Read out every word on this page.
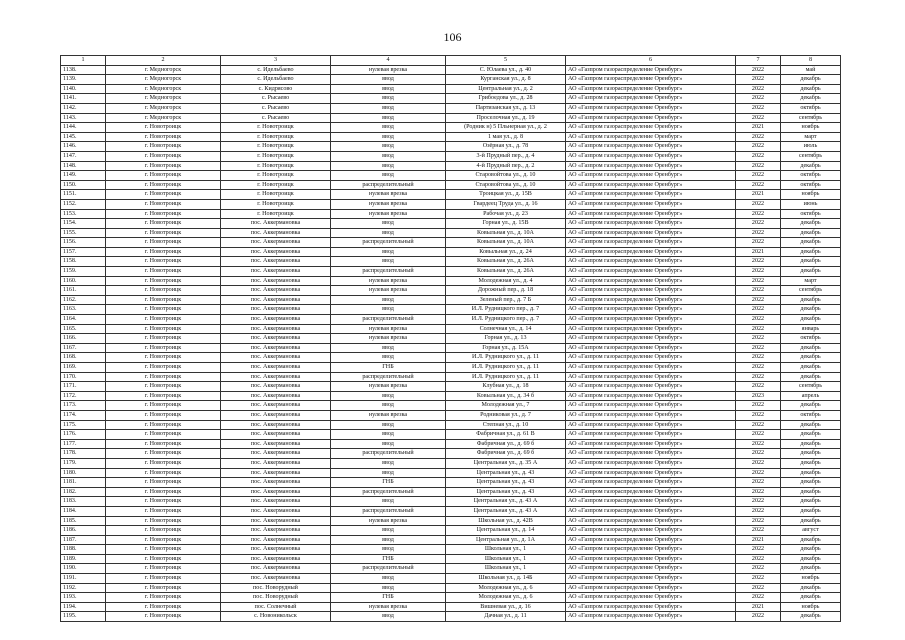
106
1	2	3	4	5	6	7	8
1138.	г. Медногорск	с. Идельбаево	нулевая врезка	С. Юлаева ул., д. 40	АО «Газпром газораспределение Оренбург»	2022	май
1139.	г. Медногорск	с. Идельбаево	ввод	Курганская ул., д. 8	АО «Газпром газораспределение Оренбург»	2022	декабрь
1140.	г. Медногорск	с. Кидрясово	ввод	Центральная ул., д. 2	АО «Газпром газораспределение Оренбург»	2022	декабрь
1141.	г. Медногорск	с. Рысаево	ввод	Грибоедова ул., д. 28	АО «Газпром газораспределение Оренбург»	2022	декабрь
1142.	г. Медногорск	с. Рысаево	ввод	Партизанская ул., д. 13	АО «Газпром газораспределение Оренбург»	2022	октябрь
1143.	г. Медногорск	с. Рысаево	ввод	Проселочная ул., д. 19	АО «Газпром газораспределение Оренбург»	2022	сентябрь
1144.	г. Новотроицк	г. Новотроицк	ввод	(Родник н) 5 Пльнерная ул., д. 2	АО «Газпром газораспределение Оренбург»	2021	ноябрь
1145.	г. Новотроицк	г. Новотроицк	ввод	1 мая ул., д. 8	АО «Газпром газораспределение Оренбург»	2022	март
1146.	г. Новотроицк	г. Новотроицк	ввод	Озёрная ул., д. 78	АО «Газпром газораспределение Оренбург»	2022	июль
1147.	г. Новотроицк	г. Новотроицк	ввод	3-й Прудный пер., д. 4	АО «Газпром газораспределение Оренбург»	2022	сентябрь
1148.	г. Новотроицк	г. Новотроицк	ввод	4-й Прудный пер., д. 2	АО «Газпром газораспределение Оренбург»	2022	декабрь
1149.	г. Новотроицк	г. Новотроицк	ввод	Старовойтова ул., д. 10	АО «Газпром газораспределение Оренбург»	2022	октябрь
1150.	г. Новотроицк	г. Новотроицк	распределительный	Старовойтова ул., д. 10	АО «Газпром газораспределение Оренбург»	2022	октябрь
1151.	г. Новотроицк	г. Новотроицк	нулевая врезка	Троицкая ул., д. 15В	АО «Газпром газораспределение Оренбург»	2021	ноябрь
1152.	г. Новотроицк	г. Новотроицк	нулевая врезка	Гвардеец Труда ул., д. 16	АО «Газпром газораспределение Оренбург»	2022	июнь
1153.	г. Новотроицк	г. Новотроицк	нулевая врезка	Рабочая ул., д. 23	АО «Газпром газораспределение Оренбург»	2022	октябрь
1154.	г. Новотроицк	пос. Аккермановка	ввод	Горная ул., д. 15В	АО «Газпром газораспределение Оренбург»	2022	декабрь
1155.	г. Новотроицк	пос. Аккермановка	ввод	Ковыльная ул., д. 10А	АО «Газпром газораспределение Оренбург»	2022	декабрь
1156.	г. Новотроицк	пос. Аккермановка	распределительный	Ковыльная ул., д. 10А	АО «Газпром газораспределение Оренбург»	2022	декабрь
1157.	г. Новотроицк	пос. Аккермановка	ввод	Ковыльная ул., д. 24	АО «Газпром газораспределение Оренбург»	2021	декабрь
1158.	г. Новотроицк	пос. Аккермановка	ввод	Ковыльная ул., д. 26А	АО «Газпром газораспределение Оренбург»	2022	декабрь
1159.	г. Новотроицк	пос. Аккермановка	распределительный	Ковыльная ул., д. 26А	АО «Газпром газораспределение Оренбург»	2022	декабрь
1160.	г. Новотроицк	пос. Аккермановка	нулевая врезка	Молодежная ул., д. 4	АО «Газпром газораспределение Оренбург»	2022	март
1161.	г. Новотроицк	пос. Аккермановка	нулевая врезка	Дорожный пер., д. 18	АО «Газпром газораспределение Оренбург»	2022	сентябрь
1162.	г. Новотроицк	пос. Аккермановка	ввод	Зеленый пер., д. 7 Б	АО «Газпром газораспределение Оренбург»	2022	декабрь
1163.	г. Новотроицк	пос. Аккермановка	ввод	И.Л. Рудницкого пер., д. 7	АО «Газпром газораспределение Оренбург»	2022	декабрь
1164.	г. Новотроицк	пос. Аккермановка	распределительный	И.Л. Рудницкого пер., д. 7	АО «Газпром газораспределение Оренбург»	2022	декабрь
1165.	г. Новотроицк	пос. Аккермановка	нулевая врезка	Солнечная ул., д. 14	АО «Газпром газораспределение Оренбург»	2022	январь
1166.	г. Новотроицк	пос. Аккермановка	нулевая врезка	Горная ул., д. 13	АО «Газпром газораспределение Оренбург»	2022	октябрь
1167.	г. Новотроицк	пос. Аккермановка	ввод	Горная ул., д. 15А	АО «Газпром газораспределение Оренбург»	2022	декабрь
1168.	г. Новотроицк	пос. Аккермановка	ввод	И.Л. Рудницкого ул., д. 11	АО «Газпром газораспределение Оренбург»	2022	декабрь
1169.	г. Новотроицк	пос. Аккермановка	ГНБ	И.Л. Рудницкого ул., д. 11	АО «Газпром газораспределение Оренбург»	2022	декабрь
1170.	г. Новотроицк	пос. Аккермановка	распределительный	И.Л. Рудницкого ул., д. 11	АО «Газпром газораспределение Оренбург»	2022	декабрь
1171.	г. Новотроицк	пос. Аккермановка	нулевая врезка	Клубная ул., д. 18	АО «Газпром газораспределение Оренбург»	2022	сентябрь
1172.	г. Новотроицк	пос. Аккермановка	ввод	Ковыльная ул., д. 34 б	АО «Газпром газораспределение Оренбург»	2023	апрель
1173.	г. Новотроицк	пос. Аккермановка	ввод	Молодежная ул., 7	АО «Газпром газораспределение Оренбург»	2022	декабрь
1174.	г. Новотроицк	пос. Аккермановка	нулевая врезка	Родниковая ул., д. 7	АО «Газпром газораспределение Оренбург»	2022	октябрь
1175.	г. Новотроицк	пос. Аккермановка	ввод	Степная ул., д. 10	АО «Газпром газораспределение Оренбург»	2022	декабрь
1176.	г. Новотроицк	пос. Аккермановка	ввод	Фабричная ул., д. 61 В	АО «Газпром газораспределение Оренбург»	2022	декабрь
1177.	г. Новотроицк	пос. Аккермановка	ввод	Фабричная ул., д. 69 б	АО «Газпром газораспределение Оренбург»	2022	декабрь
1178.	г. Новотроицк	пос. Аккермановка	распределительный	Фабричная ул., д. 69 б	АО «Газпром газораспределение Оренбург»	2022	декабрь
1179.	г. Новотроицк	пос. Аккермановка	ввод	Центральная ул., д. 35 А	АО «Газпром газораспределение Оренбург»	2022	декабрь
1180.	г. Новотроицк	пос. Аккермановка	ввод	Центральная ул., д. 43	АО «Газпром газораспределение Оренбург»	2022	декабрь
1181.	г. Новотроицк	пос. Аккермановка	ГНБ	Центральная ул., д. 43	АО «Газпром газораспределение Оренбург»	2022	декабрь
1182.	г. Новотроицк	пос. Аккермановка	распределительный	Центральная ул., д. 43	АО «Газпром газораспределение Оренбург»	2022	декабрь
1183.	г. Новотроицк	пос. Аккермановка	ввод	Центральная ул., д. 43 А	АО «Газпром газораспределение Оренбург»	2022	декабрь
1184.	г. Новотроицк	пос. Аккермановка	распределительный	Центральная ул., д. 43 А	АО «Газпром газораспределение Оренбург»	2022	декабрь
1185.	г. Новотроицк	пос. Аккермановка	нулевая врезка	Школьная ул., д. 42В	АО «Газпром газораспределение Оренбург»	2022	декабрь
1186.	г. Новотроицк	пос. Аккермановка	ввод	Центральная ул., д. 14	АО «Газпром газораспределение Оренбург»	2022	август
1187.	г. Новотроицк	пос. Аккермановка	ввод	Центральная ул., д. 1А	АО «Газпром газораспределение Оренбург»	2021	декабрь
1188.	г. Новотроицк	пос. Аккермановка	ввод	Школьная ул., 1	АО «Газпром газораспределение Оренбург»	2022	декабрь
1189.	г. Новотроицк	пос. Аккермановка	ГНБ	Школьная ул., 1	АО «Газпром газораспределение Оренбург»	2022	декабрь
1190.	г. Новотроицк	пос. Аккермановка	распределительный	Школьная ул., 1	АО «Газпром газораспределение Оренбург»	2022	декабрь
1191.	г. Новотроицк	пос. Аккермановка	ввод	Школьная ул., д. 14Б	АО «Газпром газораспределение Оренбург»	2022	ноябрь
1192.	г. Новотроицк	пос. Новорудный	ввод	Молодежная ул., д. 6	АО «Газпром газораспределение Оренбург»	2022	декабрь
1193.	г. Новотроицк	пос. Новорудный	ГНБ	Молодежная ул., д. 6	АО «Газпром газораспределение Оренбург»	2022	декабрь
1194.	г. Новотроицк	пос. Солнечный	нулевая врезка	Вишневая ул., д. 16	АО «Газпром газораспределение Оренбург»	2021	ноябрь
1195.	г. Новотроицк	с. Новоникольск	ввод	Дачная ул., д. 11	АО «Газпром газораспределение Оренбург»	2022	декабрь
